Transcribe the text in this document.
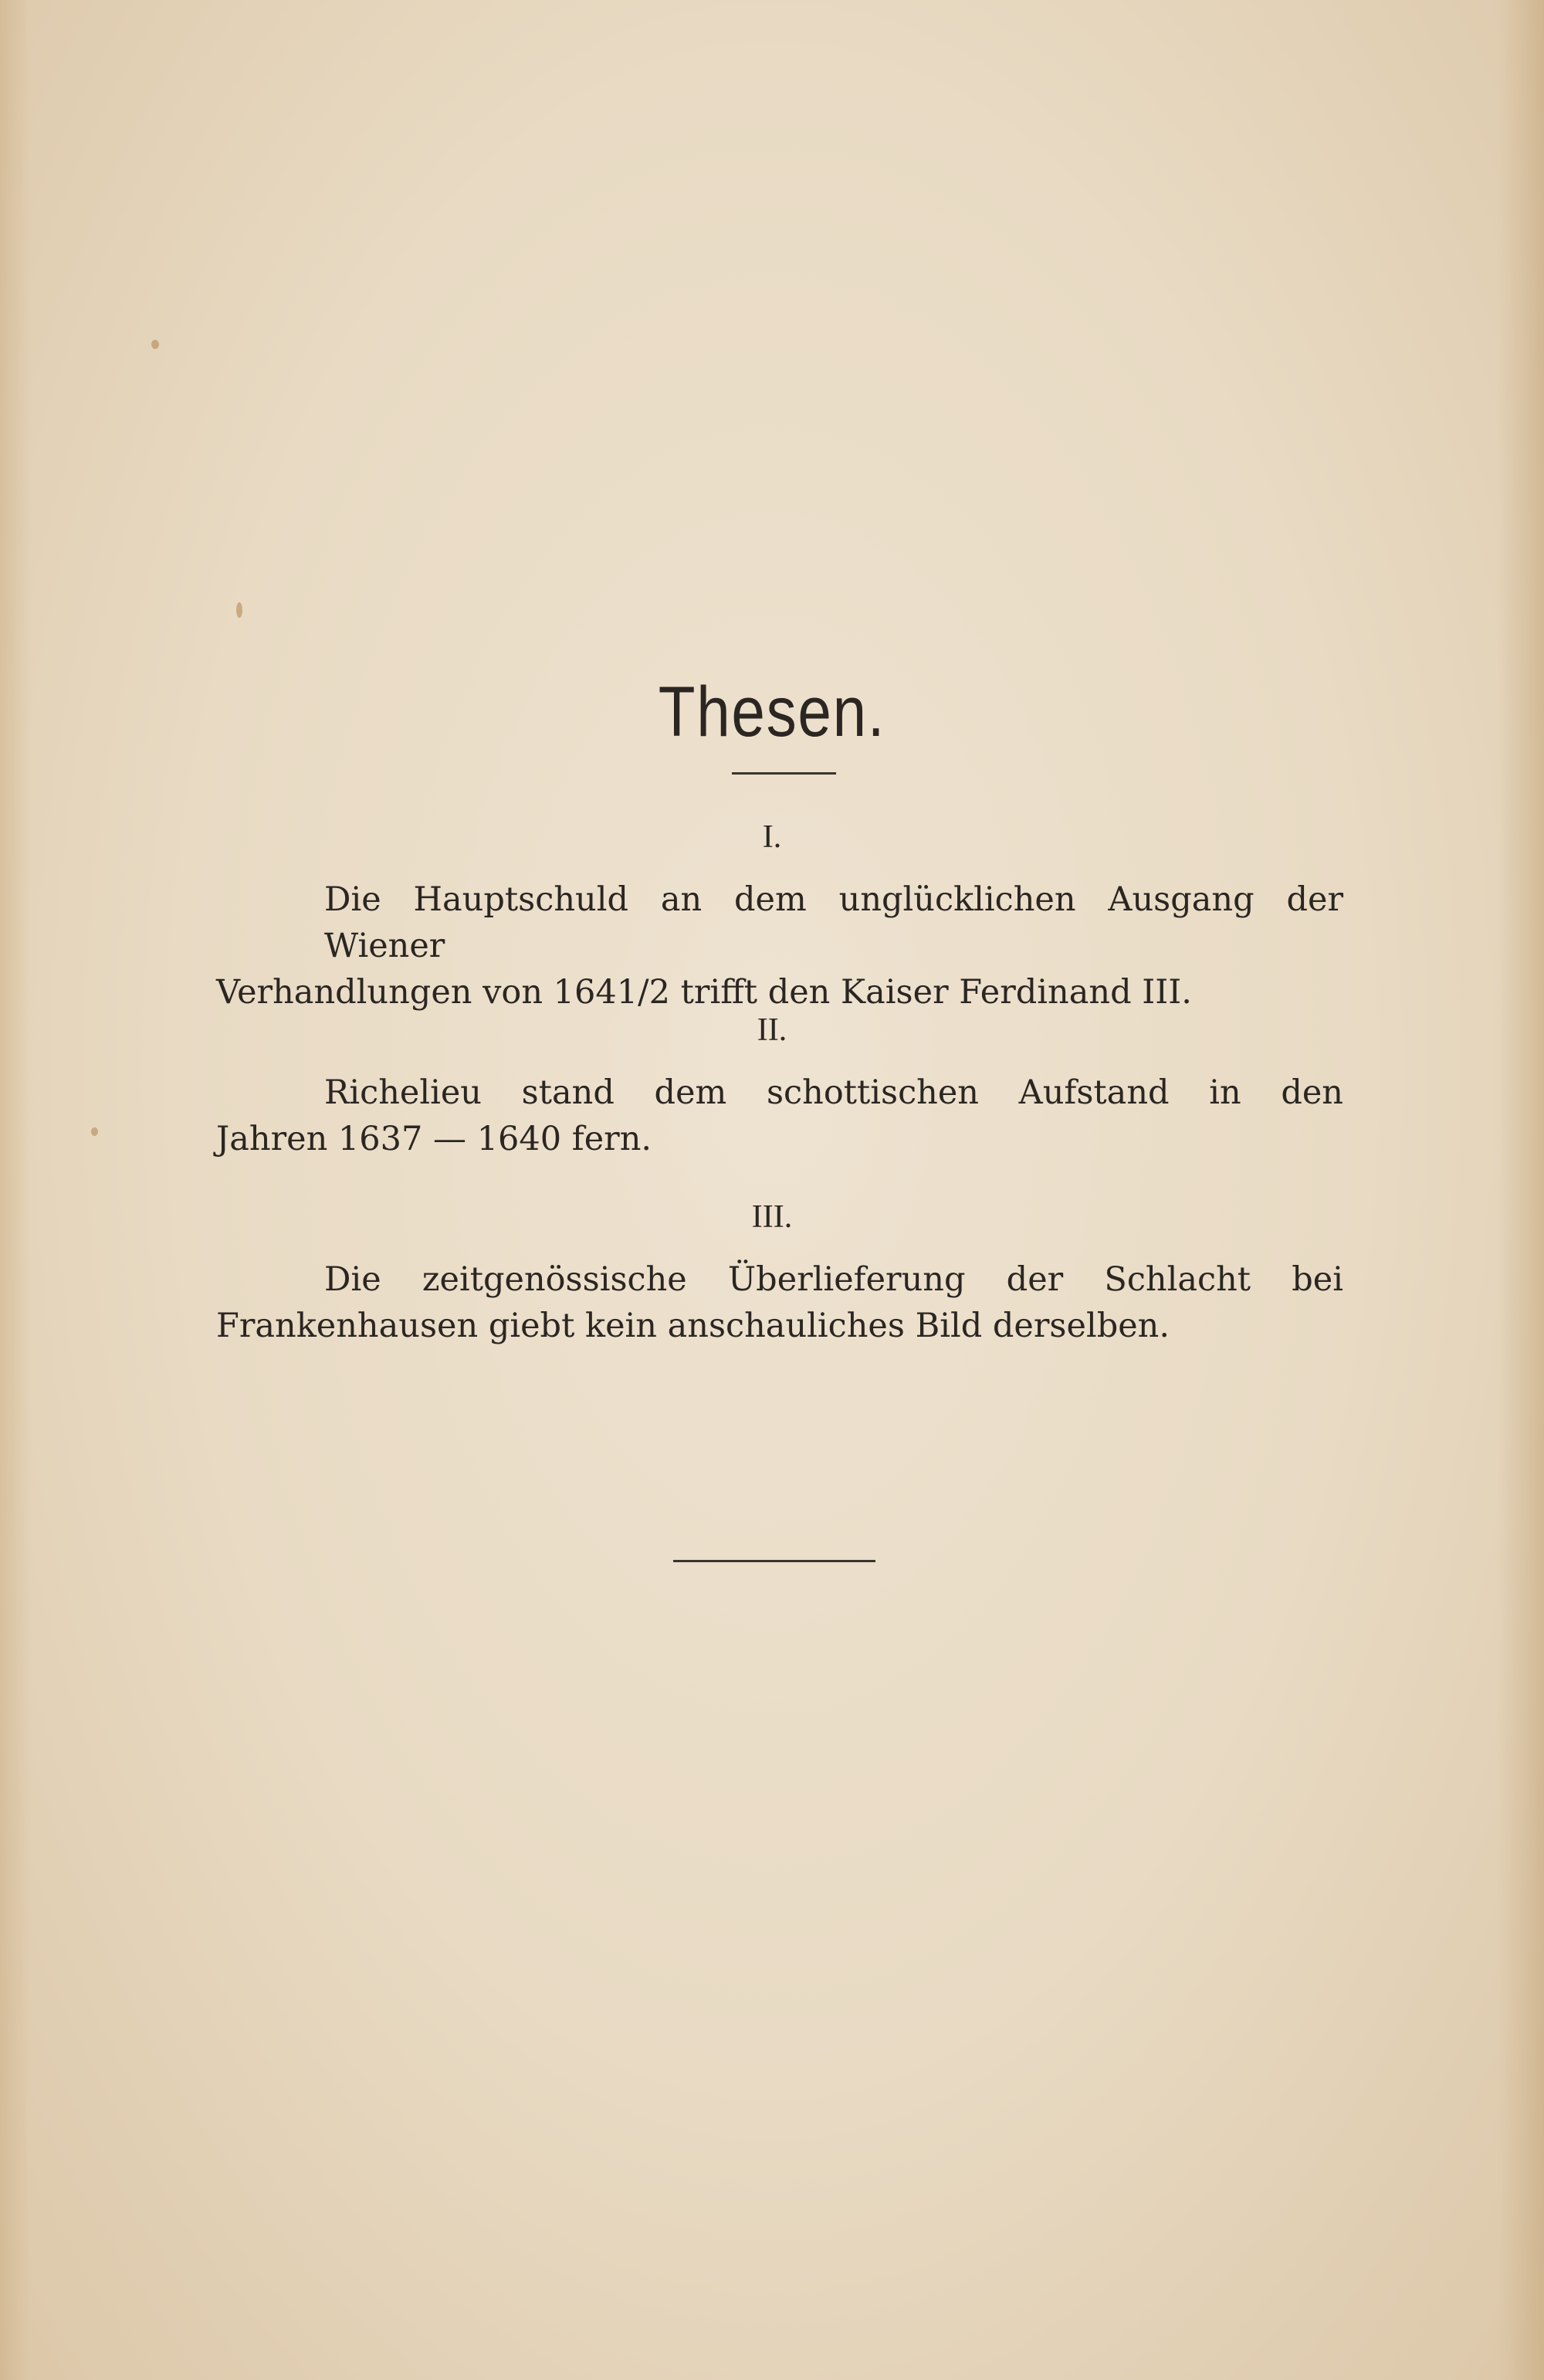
Thesen.
I.
Die Hauptschuld an dem unglücklichen Ausgang der Wiener
Verhandlungen von 1641/2 trifft den Kaiser Ferdinand III.
II.
Richelieu stand dem schottischen Aufstand in den
Jahren 1637 — 1640 fern.
III.
Die zeitgenössische Überlieferung der Schlacht bei
Frankenhausen giebt kein anschauliches Bild derselben.
